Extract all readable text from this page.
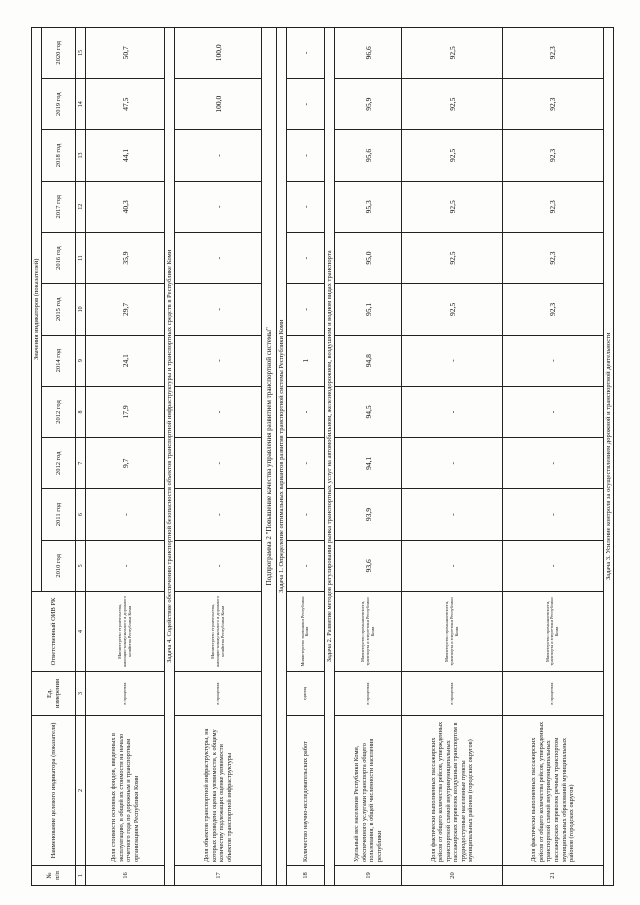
№ п/п	Наименование целевого индикатора (показателя)	Ед. измерения	Ответственный ОИВ РК	Значения индикаторов (показателей)										
				2010 год	2011 год	2012 год	2012 год	2014 год	2015 год	2016 год	2017 год	2018 год	2019 год	2020 год
1	2	3	4	5	6	7	8	9	10	11	12	13	14	15
16	Доля стоимости основных фондов, введенных в эксплуатацию, в общей их стоимости на начало отчетного года по дорожным и транспортным организациям Республики Коми	в процентах	Министерство строительства, жилищно-коммунального и дорожного хозяйства Республики Коми	-	-	9,7	17,9	24,1	29,7	35,9	40,3	44,1	47,5	50,7
Задача 4. Содействие обеспечению транспортной безопасности объектов транспортной инфраструктуры и транспортных средств в Республике Коми														
17	Доля объектов транспортной инфраструктуры, на которых проведена оценка уязвимости, к общему количеству подлежащих оценке уязвимости объектов транспортной инфраструктуры	в процентах	Министерство строительства, жилищно-коммунального и дорожного хозяйства Республики Коми	-	-	-	-	-	-	-	-	-	100,0	100,0
Подпрограмма 2 "Повышение качества управления развитием транспортной системы"														
Задача 1. Определение оптимальных вариантов развития транспортной системы Республики Коми														
18	Количество научно-исследовательских работ	единиц	Министерство экономики Республики Коми	-	-	-	-	1	-	-	-	-	-	-
Задача 2. Развитие методов регулирования рынка транспортных услуг на автомобильном, железнодорожном, воздушном и водном видах транспорта														
19	Удельный вес населения Республики Коми, обеспеченного услугами транспорта общего пользования, в общей численности населения республики	в процентах	Министерство промышленности, транспорта и энергетики Республики Коми	93,6	93,9	94,1	94,5	94,8	95,1	95,0	95,3	95,6	95,9	96,6
20	Доля фактически выполненных пассажирских рейсов от общего количества рейсов, утвержденных транспортной схемой внутримуниципальных пассажирских перевозок воздушным транспортом в труднодоступные населенные пункты муниципальных районов (городских округов)	в процентах	Министерство промышленности, транспорта и энергетики Республики Коми	-	-	-	-	-	92,5	92,5	92,5	92,5	92,5	92,5
21	Доля фактически выполненных пассажирских рейсов от общего количества рейсов, утвержденных транспортной схемой внутримуниципальных пассажирских перевозок речным транспортом муниципальных образований муниципальных районов (городских округов)	в процентах	Министерство промышленности, транспорта и энергетики Республики Коми	-	-	-	-	-	92,3	92,3	92,3	92,3	92,3	92,3
Задача 3. Усиление контроля за осуществлением дорожной и транспортной деятельности														
